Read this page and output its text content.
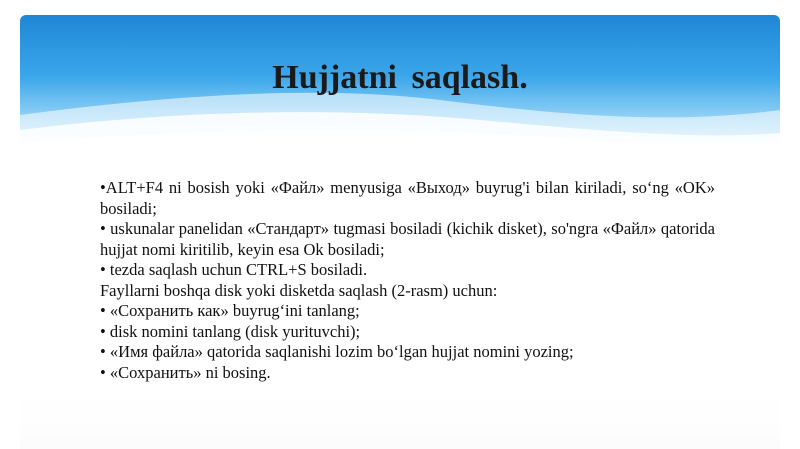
Hujjatni saqlash.

•ALT+F4 ni bosish yoki «Файл» menyusiga «Выход» buyrug'i bilan kiriladi, so‘ng «OK» bosiladi;

• uskunalar panelidan «Стандарт» tugmasi bosiladi (kichik disket), so'ngra «Файл» qatorida hujjat nomi kiritilib, keyin esa Ok bosiladi;

• tezda saqlash uchun CTRL+S bosiladi.

Fayllarni boshqa disk yoki disketda saqlash (2-rasm) uchun:

• «Сохранить как» buyrug‘ini tanlang;

• disk nomini tanlang (disk yurituvchi);

• «Имя файла» qatorida saqlanishi lozim bo‘lgan hujjat nomini yozing;

• «Сохранить» ni bosing.
